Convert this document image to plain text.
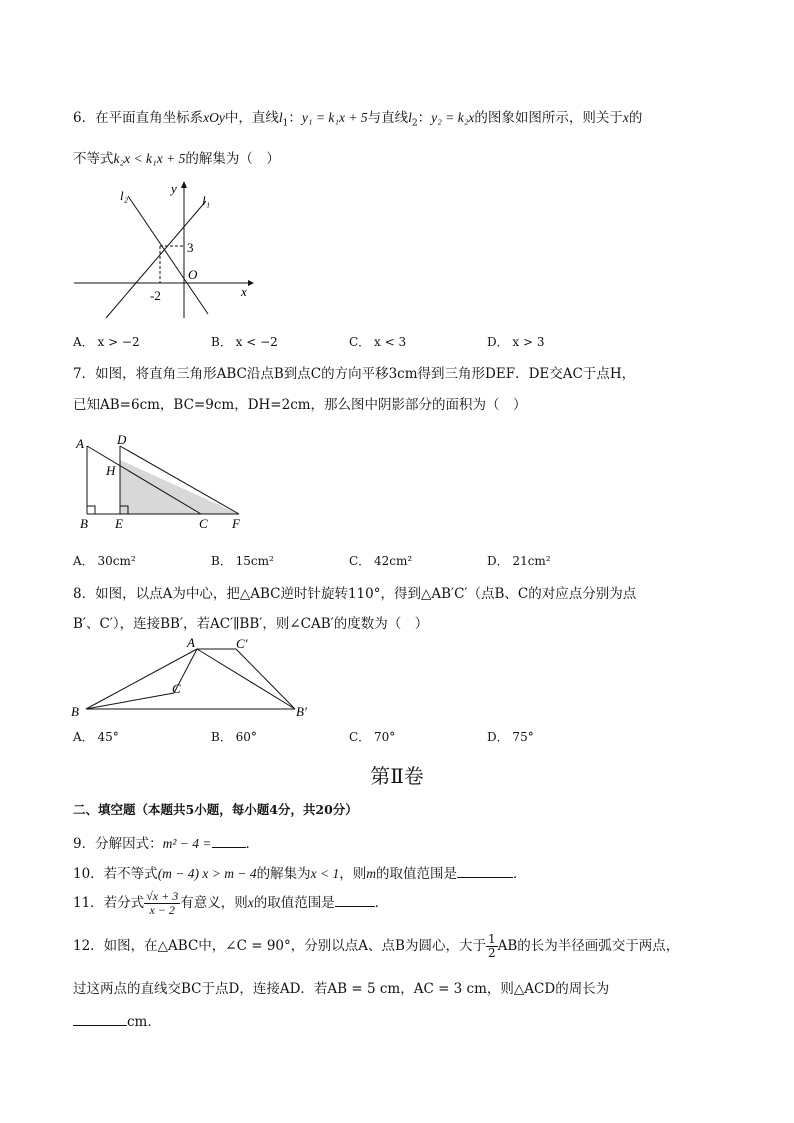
6．在平面直角坐标系xOy中，直线$l_1$：y₁ = k₁x + 5与直线$l_2$：y₂ = k₂x的图象如图所示，则关于x的
不等式k₂x < k₁x + 5的解集为（　）
l₂	y
l₁
3
O
-2	x
A． x > −2	B． x < −2	C． x < 3	D． x > 3
7．如图，将直角三角形ABC沿点B到点C的方向平移3cm得到三角形DEF．DE交AC于点H，
已知AB=6cm，BC=9cm，DH=2cm，那么图中阴影部分的面积为（　）
A	D
H
B E	C F
A． 30cm²	B． 15cm²	C． 42cm²	D． 21cm²
8．如图，以点A为中心，把△ABC逆时针旋转110°，得到△AB′C′（点B、C的对应点分别为点
B′、C′），连接BB′，若AC′∥BB′，则∠CAB′的度数为（　）
A	C′
C
B	B′
A． 45°	B． 60°	C． 70°	D． 75°
第Ⅱ卷
二、填空题（本题共5小题，每小题4分，共20分）
9．分解因式：m² − 4 =	．
10．若不等式(m − 4) x > m − 4的解集为x < 1，则m的取值范围是	．
11．若分式 $\frac{√x + 3}{x - 2}$ 有意义，则x的取值范围是	．
12．如图，在△ABC中，∠C = 90°，分别以点A、点B为圆心，大于 $\frac{1}{2}$ AB的长为半径画弧交于两点，
过这两点的直线交BC于点D，连接AD．若AB = 5 cm，AC = 3 cm，则△ACD的周长为
cm．
